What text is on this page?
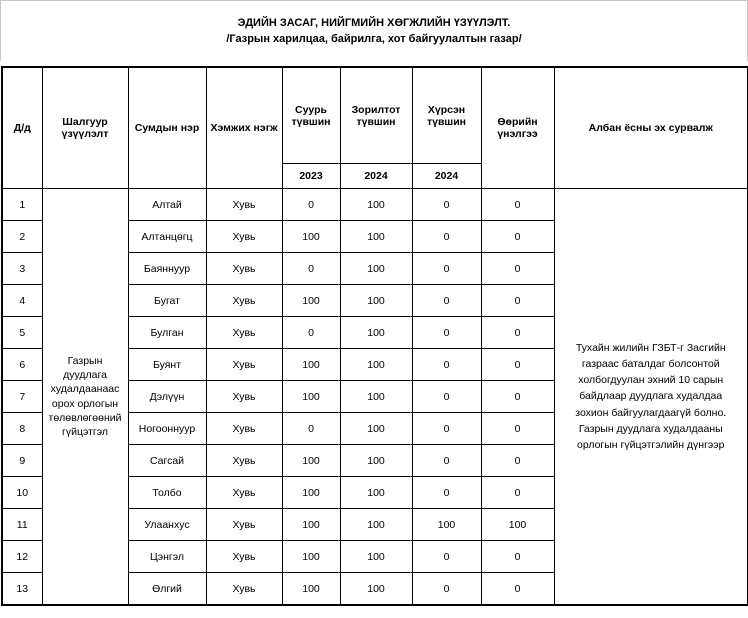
ЭДИЙН ЗАСАГ, НИЙГМИЙН ХӨГЖЛИЙН ҮЗҮҮЛЭЛТ.
/Газрын харилцаа, байрилга, хот байгуулалтын газар/
Д/д	Шалгуур үзүүлэлт	Сумдын нэр	Хэмжих нэгж	Суурь түвшин	Зорилтот түвшин	Хүрсэн түвшин	Өөрийн үнэлгээ	Албан ёсны эх сурвалж
				2023	2024	2024		
1	Газрын дуудлага худалдаанаас орох орлогын төлөвлөгөөний гүйцэтгэл	Алтай	Хувь	0	100	0	0	Тухайн жилийн ГЗБТ-г Засгийн газраас баталдаг болсонтой холбогдуулан эхний 10 сарын байдлаар дуудлага худалдаа зохион байгуулагдаагүй болно. Газрын дуудлага худалдааны орлогын гүйцэтгэлийн дүнгээр
2		Алтанцөгц	Хувь	100	100	0	0	
3		Баяннуур	Хувь	0	100	0	0	
4		Бугат	Хувь	100	100	0	0	
5		Булган	Хувь	0	100	0	0	
6		Буянт	Хувь	100	100	0	0	
7		Дэлүүн	Хувь	100	100	0	0	
8		Ногооннуур	Хувь	0	100	0	0	
9		Сагсай	Хувь	100	100	0	0	
10		Толбо	Хувь	100	100	0	0	
11		Улаанхус	Хувь	100	100	100	100	
12		Цэнгэл	Хувь	100	100	0	0	
13		Өлгий	Хувь	100	100	0	0	
